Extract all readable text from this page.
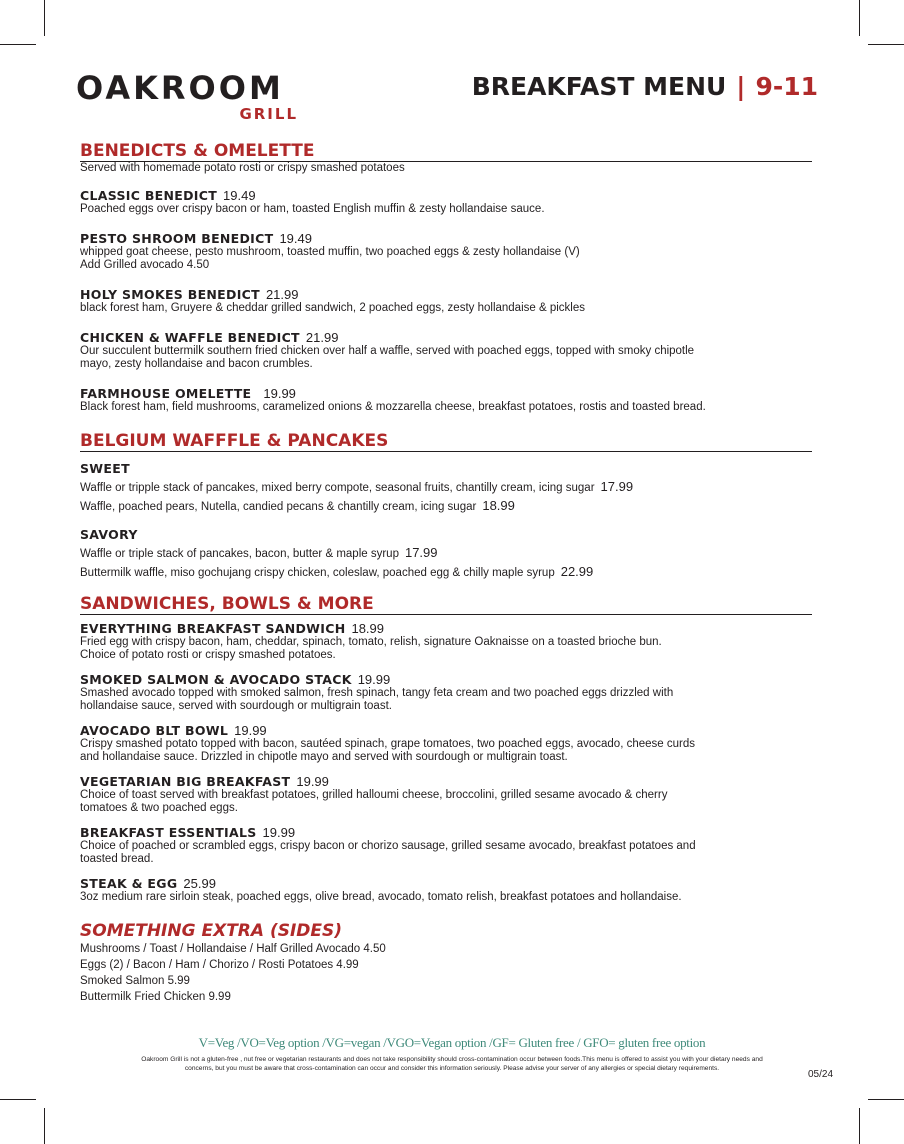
OAKROOM
GRILL
BREAKFAST MENU | 9-11
BENEDICTS & OMELETTE

Served with homemade potato rosti or crispy smashed potatoes

CLASSIC BENEDICT 19.49

Poached eggs over crispy bacon or ham, toasted English muffin & zesty hollandaise sauce.

PESTO SHROOM BENEDICT 19.49

whipped goat cheese, pesto mushroom, toasted muffin, two poached eggs & zesty hollandaise (V)

Add Grilled avocado 4.50

HOLY SMOKES BENEDICT 21.99

black forest ham, Gruyere & cheddar grilled sandwich, 2 poached eggs, zesty hollandaise & pickles

CHICKEN & WAFFLE BENEDICT 21.99

Our succulent buttermilk southern fried chicken over half a waffle, served with poached eggs, topped with smoky chipotle

mayo, zesty hollandaise and bacon crumbles.

FARMHOUSE OMELETTE 19.99

Black forest ham, field mushrooms, caramelized onions & mozzarella cheese, breakfast potatoes, rostis and toasted bread.

BELGIUM WAFFFLE & PANCAKES

SWEET

Waffle or tripple stack of pancakes, mixed berry compote, seasonal fruits, chantilly cream, icing sugar 17.99

Waffle, poached pears, Nutella, candied pecans & chantilly cream, icing sugar 18.99

SAVORY

Waffle or triple stack of pancakes, bacon, butter & maple syrup 17.99

Buttermilk waffle, miso gochujang crispy chicken, coleslaw, poached egg & chilly maple syrup 22.99

SANDWICHES, BOWLS & MORE

EVERYTHING BREAKFAST SANDWICH 18.99

Fried egg with crispy bacon, ham, cheddar, spinach, tomato, relish, signature Oaknaisse on a toasted brioche bun.

Choice of potato rosti or crispy smashed potatoes.

SMOKED SALMON & AVOCADO STACK 19.99

Smashed avocado topped with smoked salmon, fresh spinach, tangy feta cream and two poached eggs drizzled with

hollandaise sauce, served with sourdough or multigrain toast.

AVOCADO BLT BOWL 19.99

Crispy smashed potato topped with bacon, sautéed spinach, grape tomatoes, two poached eggs, avocado, cheese curds

and hollandaise sauce. Drizzled in chipotle mayo and served with sourdough or multigrain toast.

VEGETARIAN BIG BREAKFAST 19.99

Choice of toast served with breakfast potatoes, grilled halloumi cheese, broccolini, grilled sesame avocado & cherry

tomatoes & two poached eggs.

BREAKFAST ESSENTIALS 19.99

Choice of poached or scrambled eggs, crispy bacon or chorizo sausage, grilled sesame avocado, breakfast potatoes and

toasted bread.

STEAK & EGG 25.99

3oz medium rare sirloin steak, poached eggs, olive bread, avocado, tomato relish, breakfast potatoes and hollandaise.

SOMETHING EXTRA (SIDES)

Mushrooms / Toast / Hollandaise / Half Grilled Avocado 4.50

Eggs (2) / Bacon / Ham / Chorizo / Rosti Potatoes 4.99

Smoked Salmon 5.99

Buttermilk Fried Chicken 9.99

V=Veg /VO=Veg option /VG=vegan /VGO=Vegan option /GF= Gluten free / GFO= gluten free option
Oakroom Grill is not a gluten-free , nut free or vegetarian restaurants and does not take responsibility should cross-contamination occur between foods.This menu is offered to assist you with your dietary needs and
concerns, but you must be aware that cross-contamination can occur and consider this information seriously. Please advise your server of any allergies or special dietary requirements.
05/24
